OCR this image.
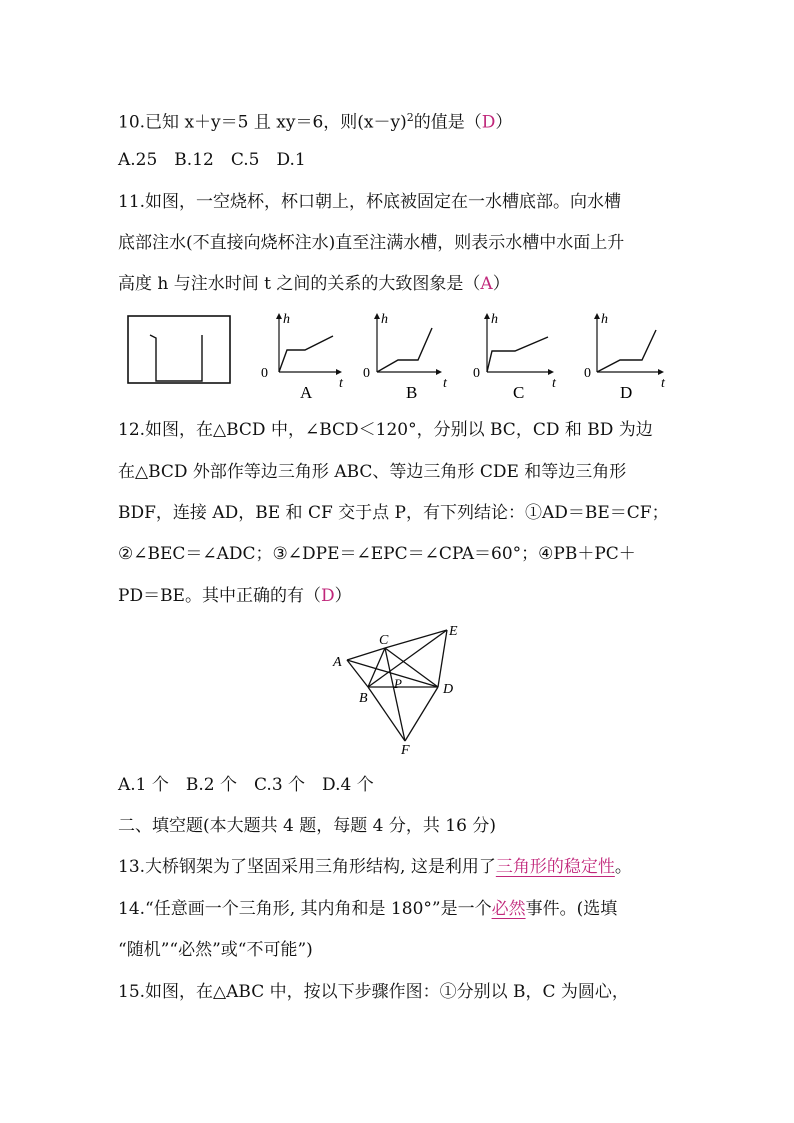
10.已知 x＋y＝5 且 xy＝6，则$(x-y)^2$的值是（D）
A.25　B.12　C.5　D.1
11.如图，一空烧杯，杯口朝上，杯底被固定在一水槽底部。向水槽
底部注水(不直接向烧杯注水)直至注满水槽，则表示水槽中水面上升
高度 h 与注水时间 t 之间的关系的大致图象是（A）
h
t
0
A
h
t
0
B
h
t
0
C
h
t
0
D
12.如图，在△BCD 中，∠BCD＜120°，分别以 BC，CD 和 BD 为边
在△BCD 外部作等边三角形 ABC、等边三角形 CDE 和等边三角形
BDF，连接 AD，BE 和 CF 交于点 P，有下列结论：①AD＝BE＝CF；
②∠BEC＝∠ADC；③∠DPE＝∠EPC＝∠CPA＝60°；④PB＋PC＋
PD＝BE。其中正确的有（D）
A
B
C
D
E
F
P
A.1 个　B.2 个　C.3 个　D.4 个
二、填空题(本大题共 4 题，每题 4 分，共 16 分)
13.大桥钢架为了坚固采用三角形结构, 这是利用了三角形的稳定性。
14.“任意画一个三角形, 其内角和是 180°”是一个必然事件。(选填
“随机”“必然”或“不可能”)
15.如图，在△ABC 中，按以下步骤作图：①分别以 B，C 为圆心，
